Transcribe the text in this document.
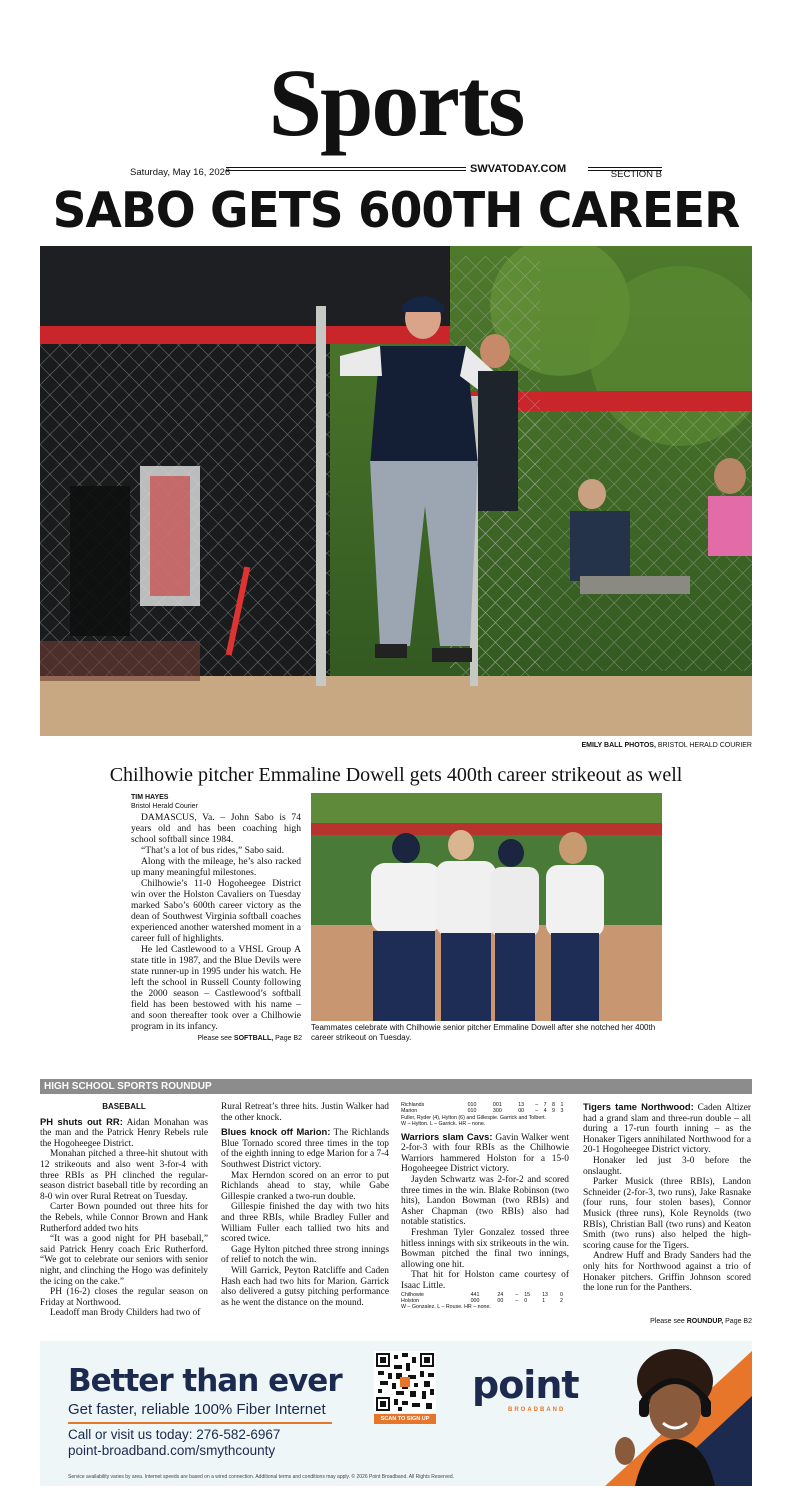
Sports
Saturday, May 16, 2026	SWVATODAY.COM	SECTION B
SABO GETS 600TH CAREER
EMILY BALL PHOTOS, BRISTOL HERALD COURIER
Chilhowie pitcher Emmaline Dowell gets 400th career strikeout as well
TIM HAYES
Bristol Herald Courier

DAMASCUS, Va. – John Sabo is 74 years old and has been coaching high school softball since 1984.

“That’s a lot of bus rides,” Sabo said.

Along with the mileage, he’s also racked up many meaningful milestones.

Chilhowie’s 11-0 Hogoheegee District win over the Holston Cavaliers on Tuesday marked Sabo’s 600th career victory as the dean of Southwest Virginia softball coaches experienced another watershed moment in a career full of highlights.

He led Castlewood to a VHSL Group A state title in 1987, and the Blue Devils were state runner-up in 1995 under his watch. He left the school in Russell County following the 2000 season – Castlewood’s softball field has been bestowed with his name – and soon thereafter took over a Chilhowie program in its infancy.

Please see SOFTBALL, Page B2
Teammates celebrate with Chilhowie senior pitcher Emmaline Dowell after she notched her 400th career strikeout on Tuesday.
HIGH SCHOOL SPORTS ROUNDUP
BASEBALL

PH shuts out RR: Aidan Monahan was the man and the Patrick Henry Rebels rule the Hogoheegee District.

Monahan pitched a three-hit shutout with 12 strikeouts and also went 3-for-4 with three RBIs as PH clinched the regular-season district baseball title by recording an 8-0 win over Rural Retreat on Tuesday.

Carter Bown pounded out three hits for the Rebels, while Connor Brown and Hank Rutherford added two hits

“It was a good night for PH baseball,” said Patrick Henry coach Eric Rutherford. “We got to celebrate our seniors with senior night, and clinching the Hogo was definitely the icing on the cake.”

PH (16-2) closes the regular season on Friday at Northwood.

Leadoff man Brody Childers had two of

Rural Retreat’s three hits. Justin Walker had the other knock.

Blues knock off Marion: The Richlands Blue Tornado scored three times in the top of the eighth inning to edge Marion for a 7-4 Southwest District victory.

Max Herndon scored on an error to put Richlands ahead to stay, while Gabe Gillespie cranked a two-run double.

Gillespie finished the day with two hits and three RBIs, while Bradley Fuller and William Fuller each tallied two hits and scored twice.

Gage Hylton pitched three strong innings of relief to notch the win.

Will Garrick, Peyton Ratcliffe and Caden Hash each had two hits for Marion. Garrick also delivered a gutsy pitching performance as he went the distance on the mound.

Richlands	010	001	13	–	7	8	1
Marion	010	300	00	–	4	9	3
Fuller, Ryder (4), Hylton (6) and Gillespie. Garrick and Tolbert.
W – Hylton. L – Garrick. HR – none.

Warriors slam Cavs: Gavin Walker went 2-for-3 with four RBIs as the Chilhowie Warriors hammered Holston for a 15-0 Hogoheegee District victory.

Jayden Schwartz was 2-for-2 and scored three times in the win. Blake Robinson (two hits), Landon Bowman (two RBIs) and Asher Chapman (two RBIs) also had notable statistics.

Freshman Tyler Gonzalez tossed three hitless innings with six strikeouts in the win. Bowman pitched the final two innings, allowing one hit.

That hit for Holston came courtesy of Isaac Little.

Chilhowie	441	24	–	15	13	0
Holston	000	00	–	0	1	2
W – Gonzalez. L – Rouse. HR – none.

Tigers tame Northwood: Caden Altizer had a grand slam and three-run double – all during a 17-run fourth inning – as the Honaker Tigers annihilated Northwood for a 20-1 Hogoheegee District victory.

Honaker led just 3-0 before the onslaught.

Parker Musick (three RBIs), Landon Schneider (2-for-3, two runs), Jake Rasnake (four runs, four stolen bases), Connor Musick (three runs), Kole Reynolds (two RBIs), Christian Ball (two runs) and Keaton Smith (two runs) also helped the high-scoring cause for the Tigers.

Andrew Huff and Brady Sanders had the only hits for Northwood against a trio of Honaker pitchers. Griffin Johnson scored the lone run for the Panthers.

Please see ROUNDUP, Page B2
Better than ever
Get faster, reliable 100% Fiber Internet
Call or visit us today: 276-582-6967
point-broadband.com/smythcounty
SCAN TO SIGN UP
point
BROADBAND
Service availability varies by area. Internet speeds are based on a wired connection. Additional terms and conditions may apply. © 2026 Point Broadband. All Rights Reserved.
